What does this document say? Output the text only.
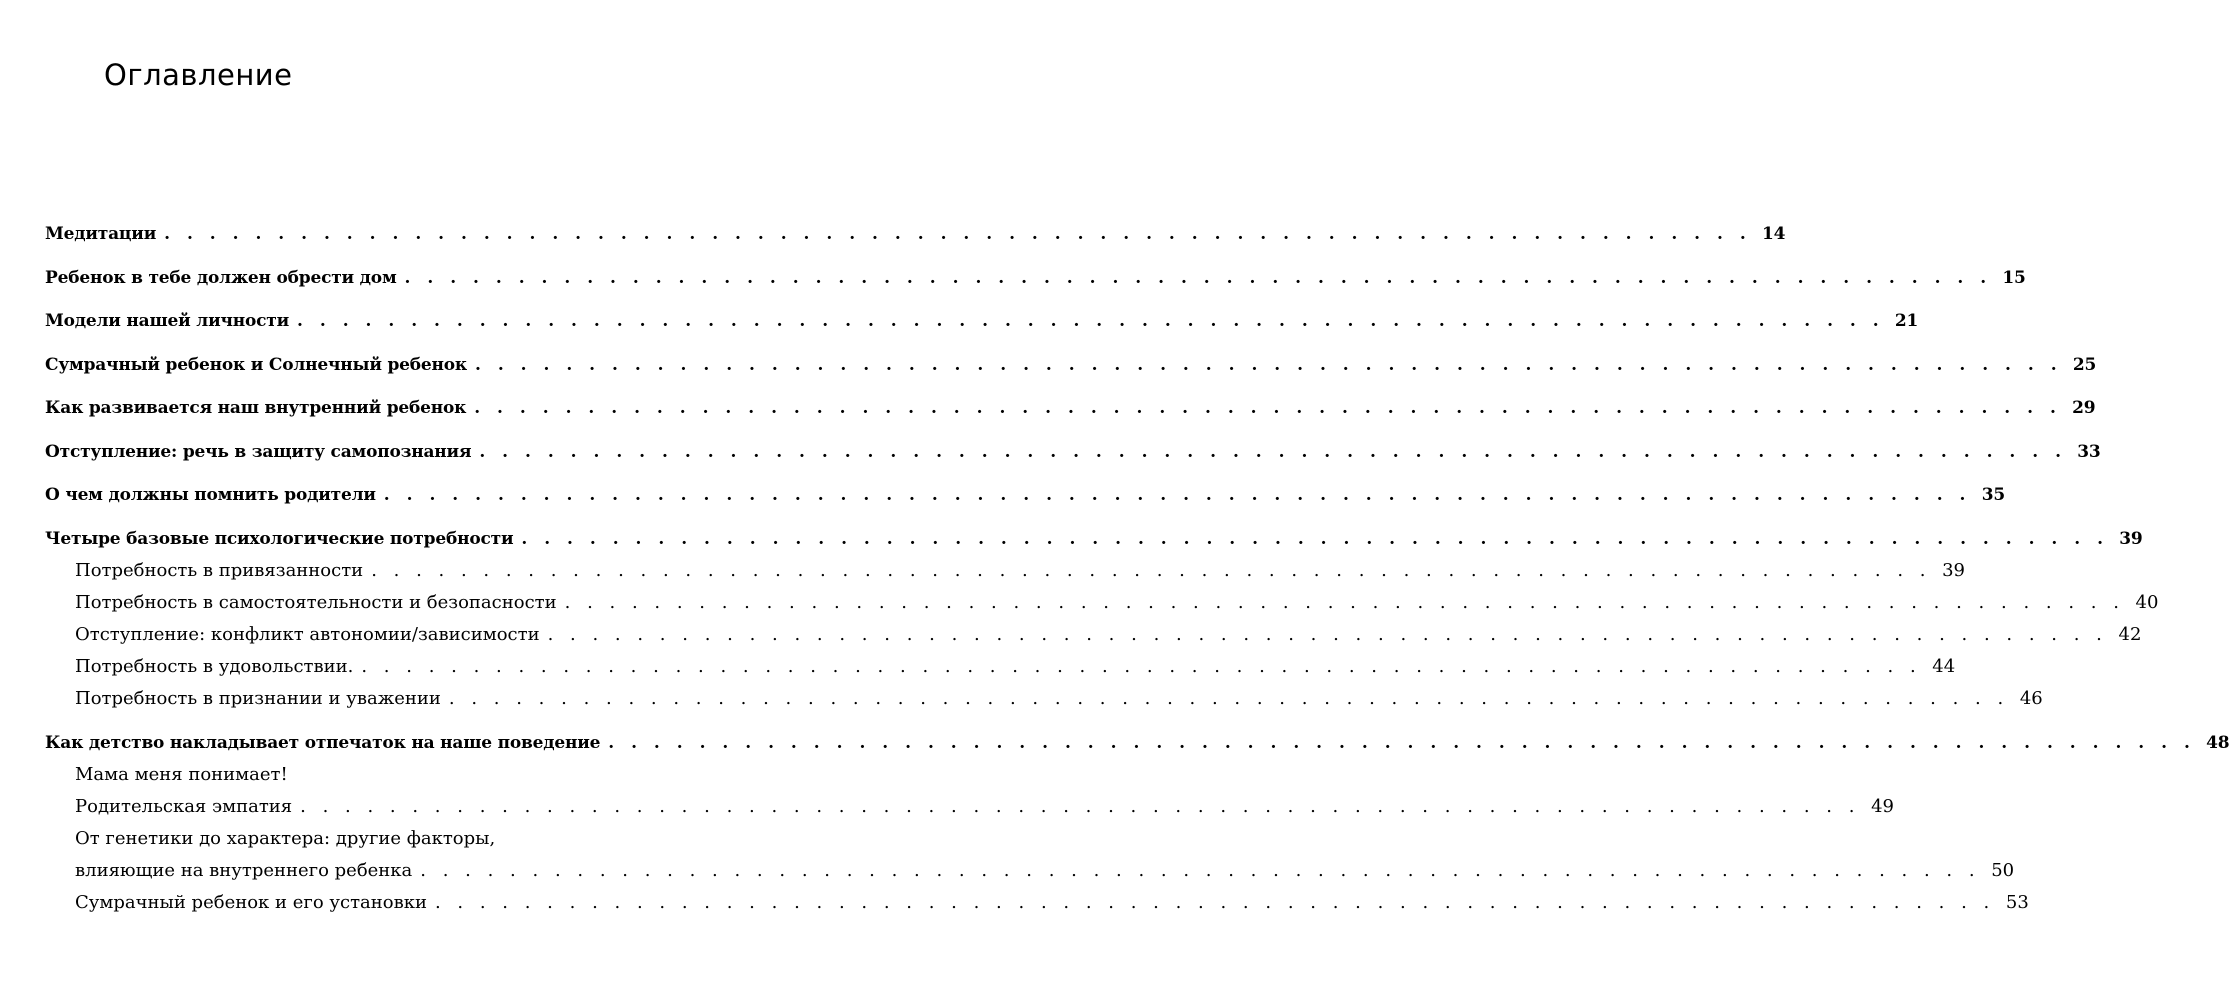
Оглавление
Медитации . . . . . . . . . . . . . . . . . . . . . . . . . . . . . . . . . . . . . . . . . . . . . . . . . . . . . . . . . . . . . . . . . . . . . . 14
Ребенок в тебе должен обрести дом . . . . . . . . . . . . . . . . . . . . . . . . . . . . . . . . . . . . . . . . . . . . . . . . . . . . . . . . . . . . . . . . . . . . . . 15
Модели нашей личности . . . . . . . . . . . . . . . . . . . . . . . . . . . . . . . . . . . . . . . . . . . . . . . . . . . . . . . . . . . . . . . . . . . . . . 21
Сумрачный ребенок и Солнечный ребенок . . . . . . . . . . . . . . . . . . . . . . . . . . . . . . . . . . . . . . . . . . . . . . . . . . . . . . . . . . . . . . . . . . . . . . 25
Как развивается наш внутренний ребенок . . . . . . . . . . . . . . . . . . . . . . . . . . . . . . . . . . . . . . . . . . . . . . . . . . . . . . . . . . . . . . . . . . . . . . 29
Отступление: речь в защиту самопознания . . . . . . . . . . . . . . . . . . . . . . . . . . . . . . . . . . . . . . . . . . . . . . . . . . . . . . . . . . . . . . . . . . . . . . 33
О чем должны помнить родители . . . . . . . . . . . . . . . . . . . . . . . . . . . . . . . . . . . . . . . . . . . . . . . . . . . . . . . . . . . . . . . . . . . . . . 35
Четыре базовые психологические потребности . . . . . . . . . . . . . . . . . . . . . . . . . . . . . . . . . . . . . . . . . . . . . . . . . . . . . . . . . . . . . . . . . . . . . . 39
Потребность в привязанности . . . . . . . . . . . . . . . . . . . . . . . . . . . . . . . . . . . . . . . . . . . . . . . . . . . . . . . . . . . . . . . . . . . . . . 39
Потребность в самостоятельности и безопасности . . . . . . . . . . . . . . . . . . . . . . . . . . . . . . . . . . . . . . . . . . . . . . . . . . . . . . . . . . . . . . . . . . . . . . 40
Отступление: конфликт автономии/зависимости . . . . . . . . . . . . . . . . . . . . . . . . . . . . . . . . . . . . . . . . . . . . . . . . . . . . . . . . . . . . . . . . . . . . . . 42
Потребность в удовольствии. . . . . . . . . . . . . . . . . . . . . . . . . . . . . . . . . . . . . . . . . . . . . . . . . . . . . . . . . . . . . . . . . . . . . . . 44
Потребность в признании и уважении . . . . . . . . . . . . . . . . . . . . . . . . . . . . . . . . . . . . . . . . . . . . . . . . . . . . . . . . . . . . . . . . . . . . . . 46
Как детство накладывает отпечаток на наше поведение . . . . . . . . . . . . . . . . . . . . . . . . . . . . . . . . . . . . . . . . . . . . . . . . . . . . . . . . . . . . . . . . . . . . . . 48
Мама меня понимает!
Родительская эмпатия . . . . . . . . . . . . . . . . . . . . . . . . . . . . . . . . . . . . . . . . . . . . . . . . . . . . . . . . . . . . . . . . . . . . . . 49
От генетики до характера: другие факторы,
влияющие на внутреннего ребенка . . . . . . . . . . . . . . . . . . . . . . . . . . . . . . . . . . . . . . . . . . . . . . . . . . . . . . . . . . . . . . . . . . . . . . 50
Сумрачный ребенок и его установки . . . . . . . . . . . . . . . . . . . . . . . . . . . . . . . . . . . . . . . . . . . . . . . . . . . . . . . . . . . . . . . . . . . . . . 53
